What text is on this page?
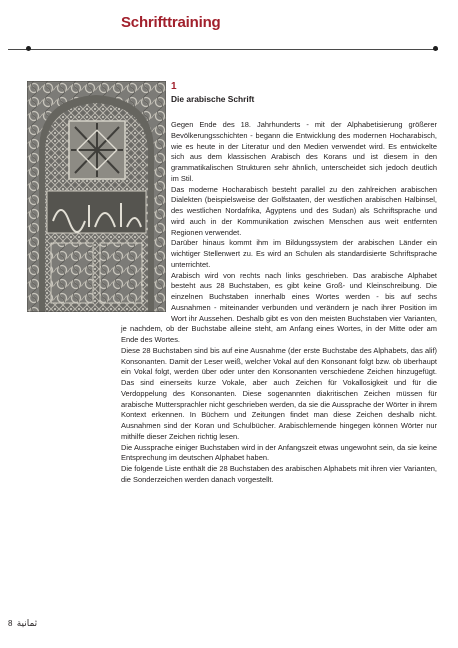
Schrifttraining

1

Die arabische Schrift

Gegen Ende des 18. Jahrhunderts - mit der Alphabetisierung größerer Bevölkerungsschichten - begann die Entwicklung des modernen Hocharabisch, wie es heute in der Literatur und den Medien verwendet wird. Es entwickelte sich aus dem klassischen Arabisch des Korans und ist diesem in den grammatikalischen Strukturen sehr ähnlich, unterscheidet sich jedoch deutlich im Stil.

Das moderne Hocharabisch besteht parallel zu den zahlreichen arabischen Dialekten (beispielsweise der Golfstaaten, der westlichen arabischen Halbinsel, des westlichen Nordafrika, Ägyptens und des Sudan) als Schriftsprache und wird auch in der Kommunikation zwischen Menschen aus weit entfernten Regionen verwendet.

Darüber hinaus kommt ihm im Bildungssystem der arabischen Länder ein wichtiger Stellenwert zu. Es wird an Schulen als standardisierte Schriftsprache unterrichtet.

Arabisch wird von rechts nach links geschrieben. Das arabische Alphabet besteht aus 28 Buchstaben, es gibt keine Groß- und Kleinschreibung. Die einzelnen Buchstaben innerhalb eines Wortes werden - bis auf sechs Ausnahmen - miteinander verbunden und verändern je nach ihrer Position im Wort ihr Aussehen. Deshalb gibt es von den meisten Buchstaben vier Varianten, je nachdem, ob der Buchstabe alleine steht, am Anfang eines Wortes, in der Mitte oder am Ende des Wortes.

Diese 28 Buchstaben sind bis auf eine Ausnahme (der erste Buchstabe des Alphabets, das alif) Konsonanten. Damit der Leser weiß, welcher Vokal auf den Konsonant folgt bzw. ob überhaupt ein Vokal folgt, werden über oder unter den Konsonanten verschiedene Zeichen hinzugefügt. Das sind einerseits kurze Vokale, aber auch Zeichen für Vokallosigkeit und für die Verdoppelung des Konsonanten. Diese sogenannten diakritischen Zeichen müssen für arabische Muttersprachler nicht geschrieben werden, da sie die Aussprache der Wörter in ihrem Kontext erkennen. In Büchern und Zeitungen findet man diese Zeichen deshalb nicht. Ausnahmen sind der Koran und Schulbücher. Arabischlernende hingegen können Wörter nur mithilfe dieser Zeichen richtig lesen.

Die Aussprache einiger Buchstaben wird in der Anfangszeit etwas ungewohnt sein, da sie keine Entsprechung im deutschen Alphabet haben.

Die folgende Liste enthält die 28 Buchstaben des arabischen Alphabets mit ihren vier Varianten, die Sonderzeichen werden danach vorgestellt.

8 ثمانية
